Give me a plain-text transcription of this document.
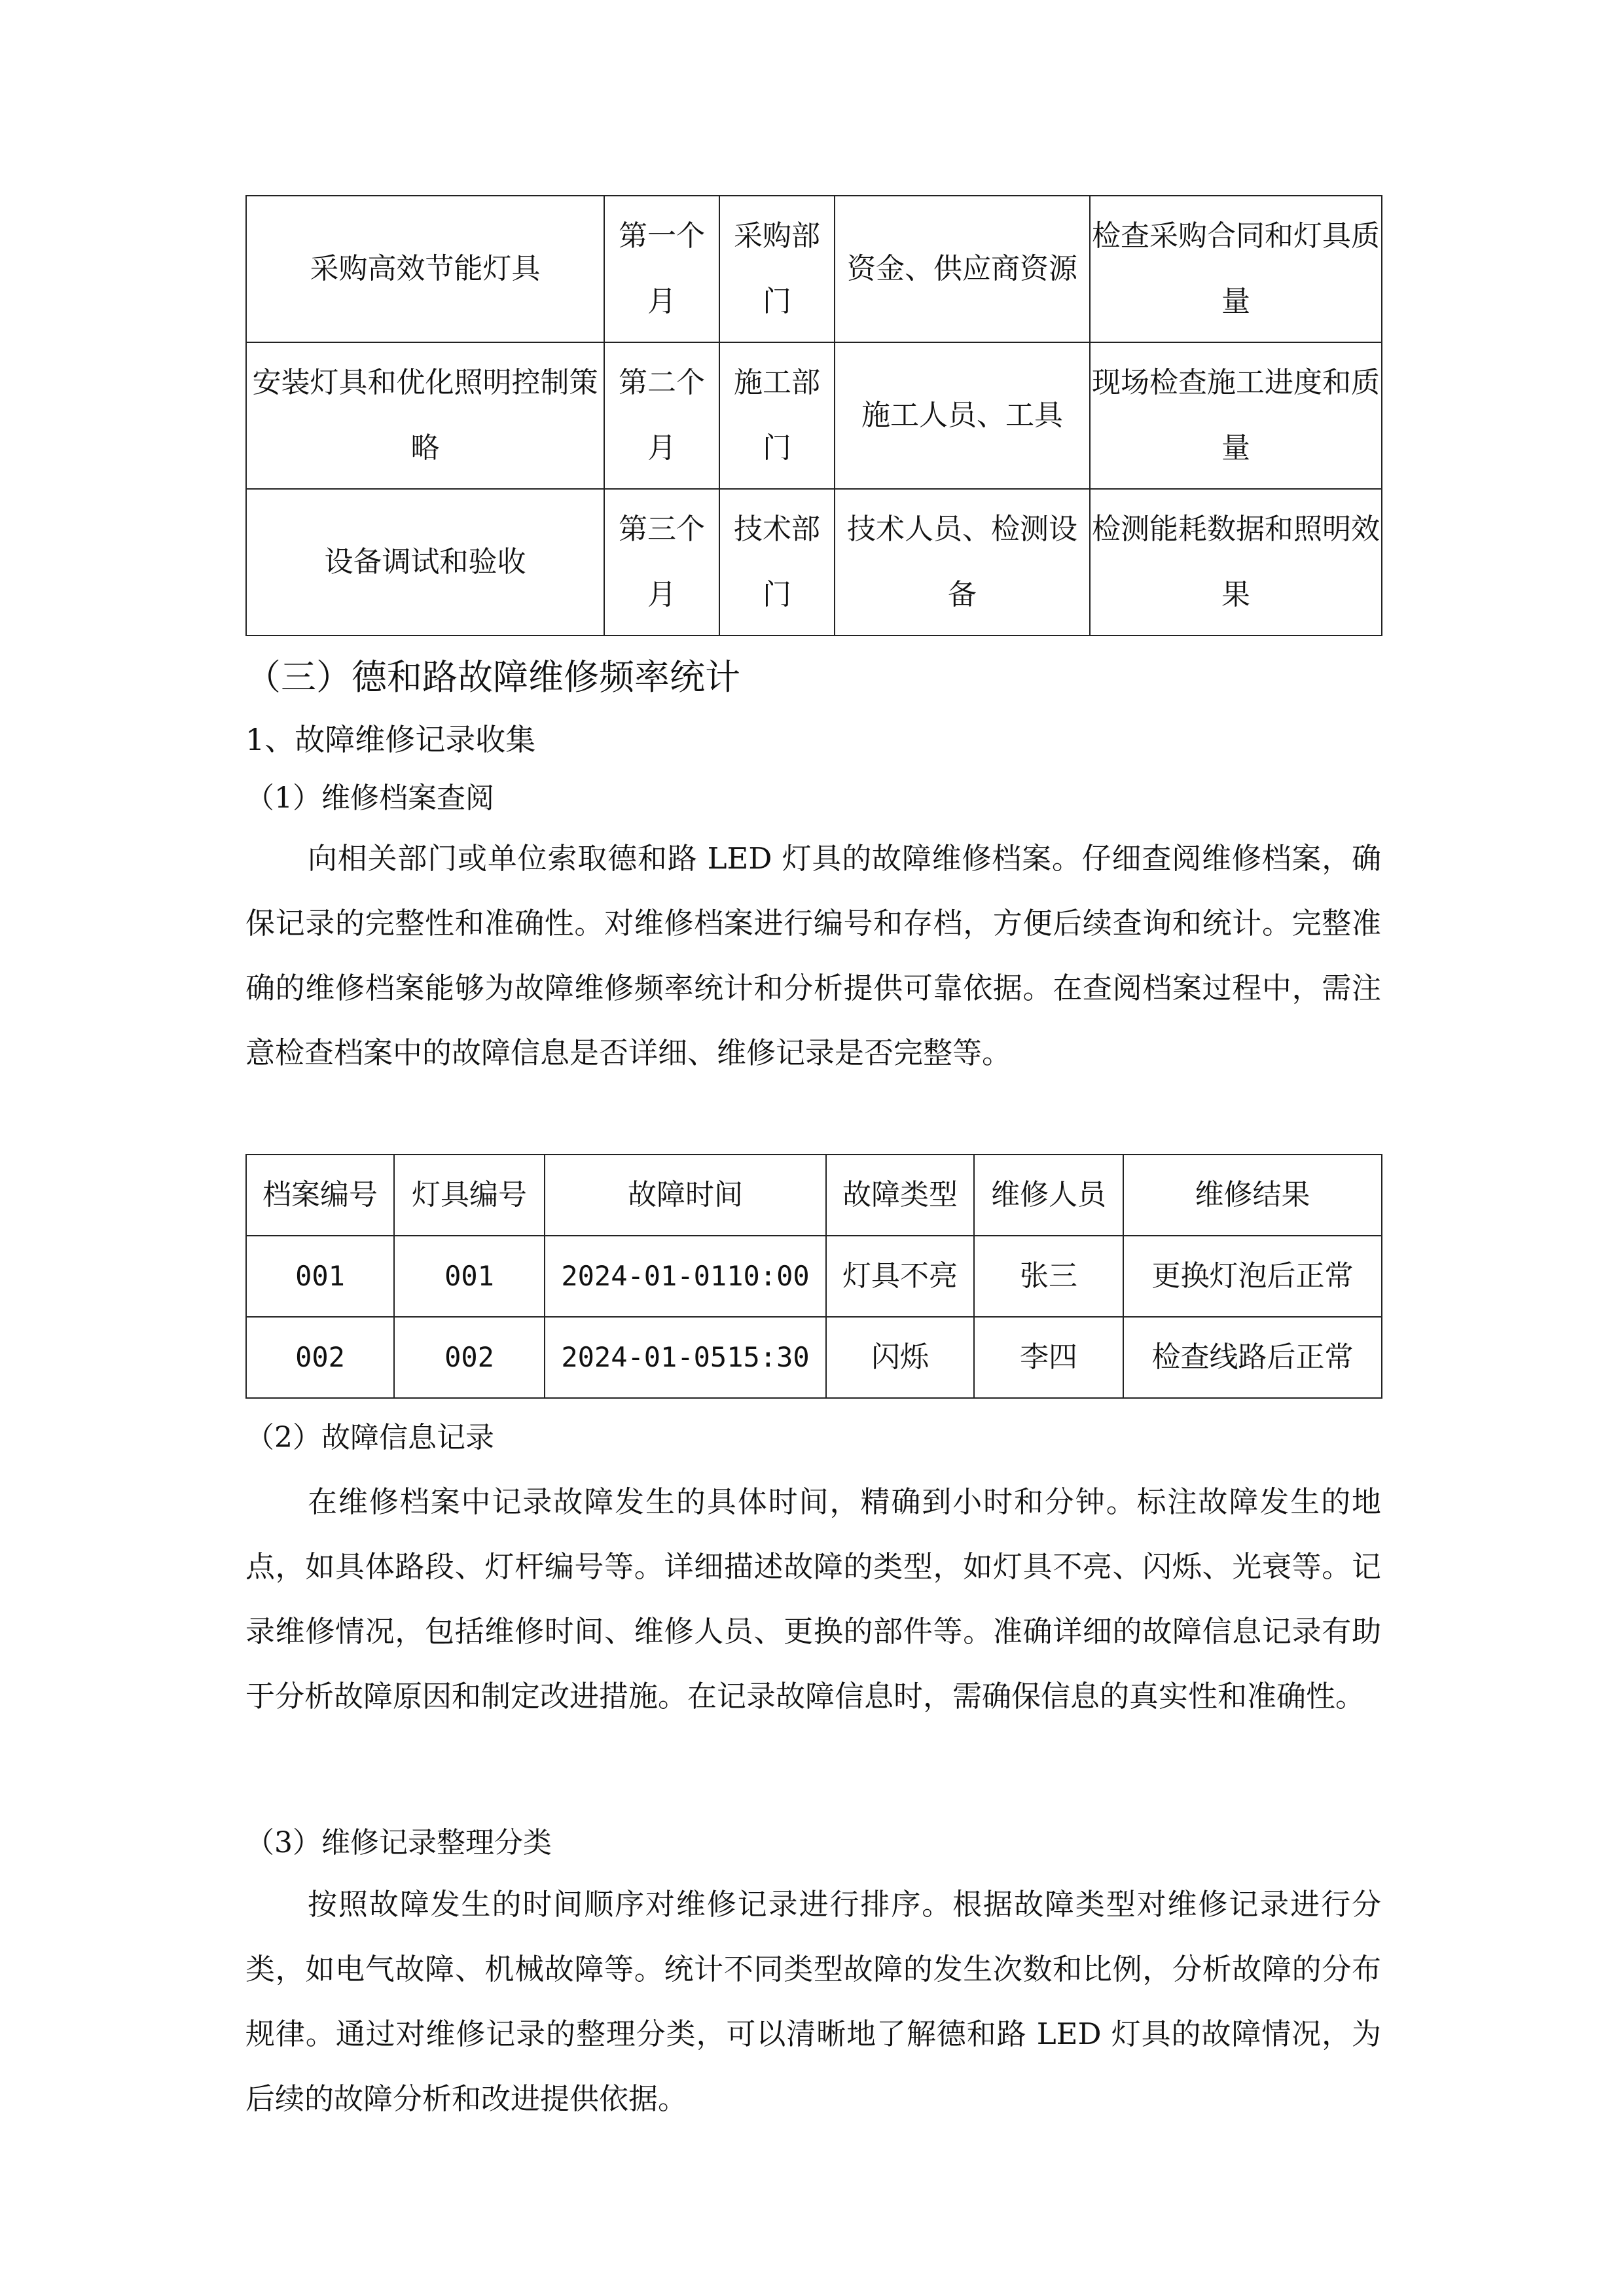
采购高效节能灯具	第一个月	采购部门	资金、供应商资源	检查采购合同和灯具质量
安装灯具和优化照明控制策略	第二个月	施工部门	施工人员、工具	现场检查施工进度和质量
设备调试和验收	第三个月	技术部门	技术人员、检测设备	检测能耗数据和照明效果
（三）德和路故障维修频率统计
1、故障维修记录收集
（1）维修档案查阅
向相关部门或单位索取德和路 LED 灯具的故障维修档案。仔细查阅维修档案，确保记录的完整性和准确性。对维修档案进行编号和存档，方便后续查询和统计。完整准确的维修档案能够为故障维修频率统计和分析提供可靠依据。在查阅档案过程中，需注意检查档案中的故障信息是否详细、维修记录是否完整等。
档案编号	灯具编号	故障时间	故障类型	维修人员	维修结果
001	001	2024-01-0110:00	灯具不亮	张三	更换灯泡后正常
002	002	2024-01-0515:30	闪烁	李四	检查线路后正常
（2）故障信息记录
在维修档案中记录故障发生的具体时间，精确到小时和分钟。标注故障发生的地点，如具体路段、灯杆编号等。详细描述故障的类型，如灯具不亮、闪烁、光衰等。记录维修情况，包括维修时间、维修人员、更换的部件等。准确详细的故障信息记录有助于分析故障原因和制定改进措施。在记录故障信息时，需确保信息的真实性和准确性。
（3）维修记录整理分类
按照故障发生的时间顺序对维修记录进行排序。根据故障类型对维修记录进行分类，如电气故障、机械故障等。统计不同类型故障的发生次数和比例，分析故障的分布规律。通过对维修记录的整理分类，可以清晰地了解德和路 LED 灯具的故障情况，为后续的故障分析和改进提供依据。
